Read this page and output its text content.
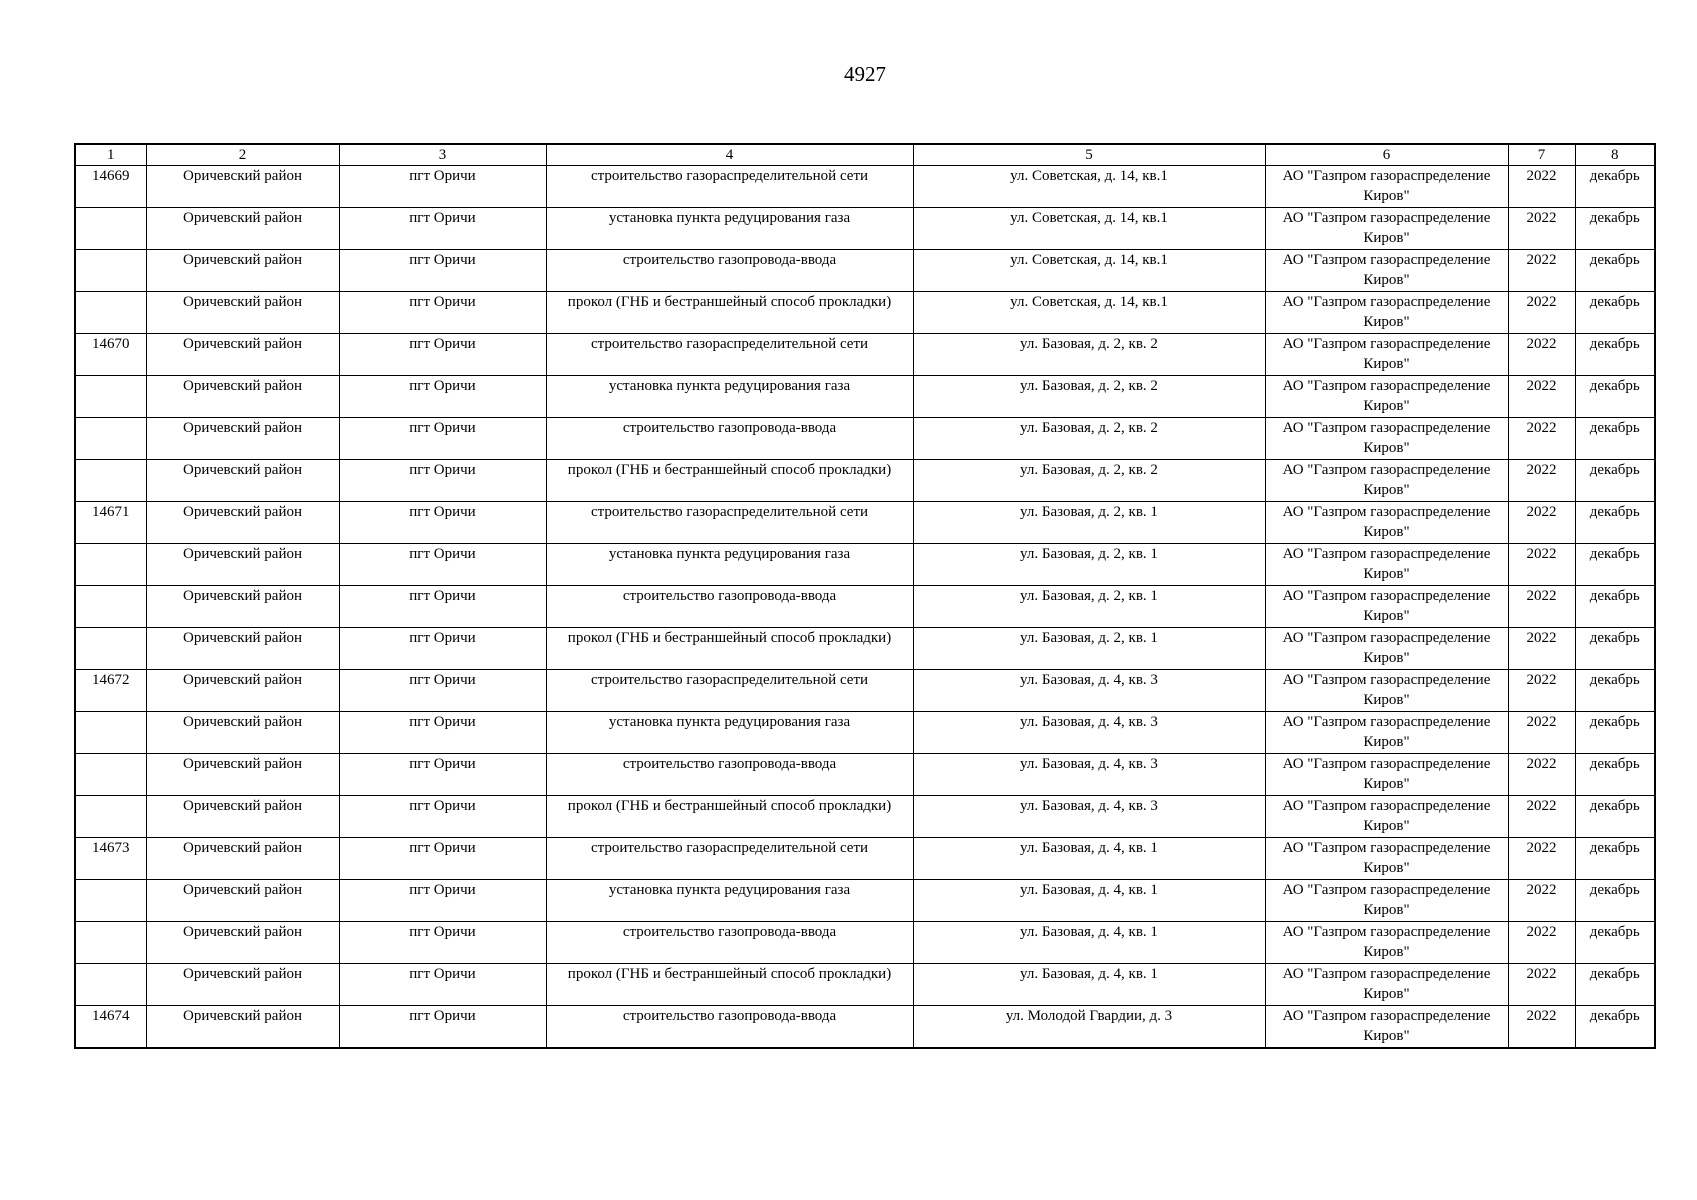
4927
1	2	3	4	5	6	7	8
14669	Оричевский район	пгт Оричи	строительство газораспределительной сети	ул. Советская, д. 14, кв.1	АО "Газпром газораспределение Киров"	2022	декабрь
	Оричевский район	пгт Оричи	установка пункта редуцирования газа	ул. Советская, д. 14, кв.1	АО "Газпром газораспределение Киров"	2022	декабрь
	Оричевский район	пгт Оричи	строительство газопровода-ввода	ул. Советская, д. 14, кв.1	АО "Газпром газораспределение Киров"	2022	декабрь
	Оричевский район	пгт Оричи	прокол (ГНБ и бестраншейный способ прокладки)	ул. Советская, д. 14, кв.1	АО "Газпром газораспределение Киров"	2022	декабрь
14670	Оричевский район	пгт Оричи	строительство газораспределительной сети	ул. Базовая, д. 2, кв. 2	АО "Газпром газораспределение Киров"	2022	декабрь
	Оричевский район	пгт Оричи	установка пункта редуцирования газа	ул. Базовая, д. 2, кв. 2	АО "Газпром газораспределение Киров"	2022	декабрь
	Оричевский район	пгт Оричи	строительство газопровода-ввода	ул. Базовая, д. 2, кв. 2	АО "Газпром газораспределение Киров"	2022	декабрь
	Оричевский район	пгт Оричи	прокол (ГНБ и бестраншейный способ прокладки)	ул. Базовая, д. 2, кв. 2	АО "Газпром газораспределение Киров"	2022	декабрь
14671	Оричевский район	пгт Оричи	строительство газораспределительной сети	ул. Базовая, д. 2, кв. 1	АО "Газпром газораспределение Киров"	2022	декабрь
	Оричевский район	пгт Оричи	установка пункта редуцирования газа	ул. Базовая, д. 2, кв. 1	АО "Газпром газораспределение Киров"	2022	декабрь
	Оричевский район	пгт Оричи	строительство газопровода-ввода	ул. Базовая, д. 2, кв. 1	АО "Газпром газораспределение Киров"	2022	декабрь
	Оричевский район	пгт Оричи	прокол (ГНБ и бестраншейный способ прокладки)	ул. Базовая, д. 2, кв. 1	АО "Газпром газораспределение Киров"	2022	декабрь
14672	Оричевский район	пгт Оричи	строительство газораспределительной сети	ул. Базовая, д. 4, кв. 3	АО "Газпром газораспределение Киров"	2022	декабрь
	Оричевский район	пгт Оричи	установка пункта редуцирования газа	ул. Базовая, д. 4, кв. 3	АО "Газпром газораспределение Киров"	2022	декабрь
	Оричевский район	пгт Оричи	строительство газопровода-ввода	ул. Базовая, д. 4, кв. 3	АО "Газпром газораспределение Киров"	2022	декабрь
	Оричевский район	пгт Оричи	прокол (ГНБ и бестраншейный способ прокладки)	ул. Базовая, д. 4, кв. 3	АО "Газпром газораспределение Киров"	2022	декабрь
14673	Оричевский район	пгт Оричи	строительство газораспределительной сети	ул. Базовая, д. 4, кв. 1	АО "Газпром газораспределение Киров"	2022	декабрь
	Оричевский район	пгт Оричи	установка пункта редуцирования газа	ул. Базовая, д. 4, кв. 1	АО "Газпром газораспределение Киров"	2022	декабрь
	Оричевский район	пгт Оричи	строительство газопровода-ввода	ул. Базовая, д. 4, кв. 1	АО "Газпром газораспределение Киров"	2022	декабрь
	Оричевский район	пгт Оричи	прокол (ГНБ и бестраншейный способ прокладки)	ул. Базовая, д. 4, кв. 1	АО "Газпром газораспределение Киров"	2022	декабрь
14674	Оричевский район	пгт Оричи	строительство газопровода-ввода	ул. Молодой Гвардии, д. 3	АО "Газпром газораспределение Киров"	2022	декабрь
